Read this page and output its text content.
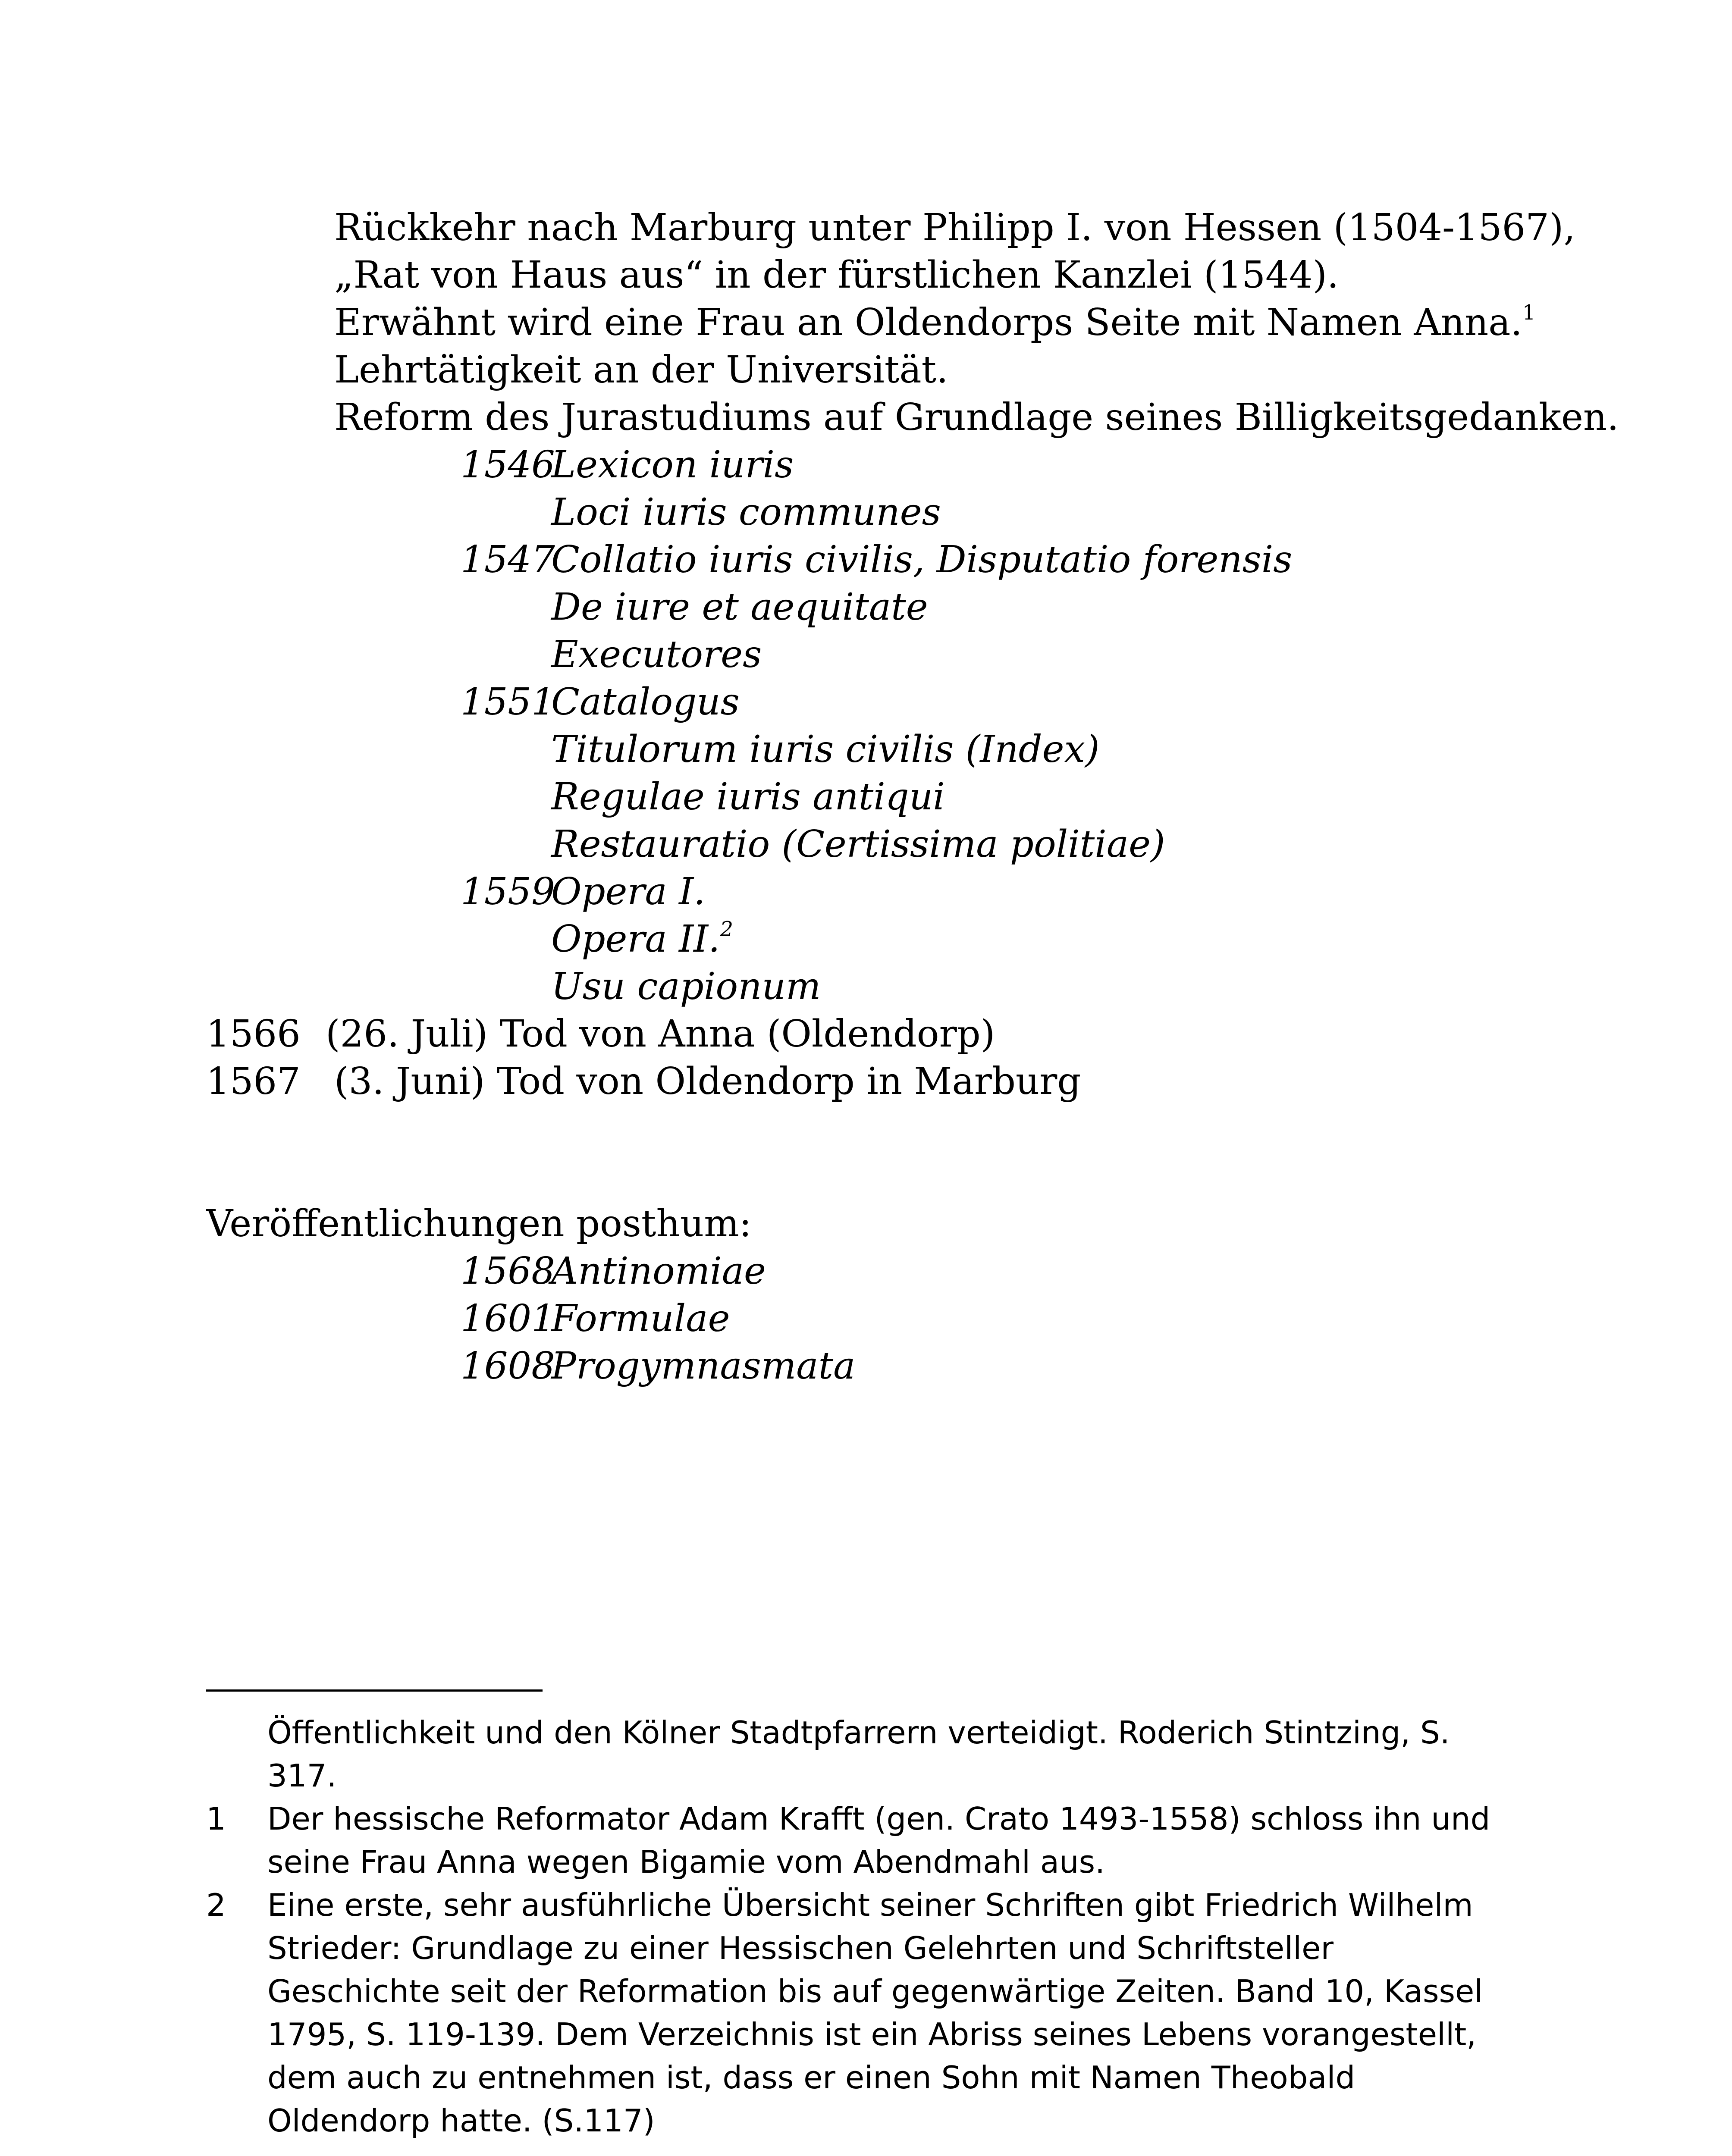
Rückkehr nach Marburg unter Philipp I. von Hessen (1504-1567),
„Rat von Haus aus“ in der fürstlichen Kanzlei (1544).
Erwähnt wird eine Frau an Oldendorps Seite mit Namen Anna.$^1$
Lehrtätigkeit an der Universität.
Reform des Jurastudiums auf Grundlage seines Billigkeitsgedanken.
1546
Lexicon iuris
Loci iuris communes
1547
Collatio iuris civilis, Disputatio forensis
De iure et aequitate
Executores
1551
Catalogus
Titulorum iuris civilis (Index)
Regulae iuris antiqui
Restauratio (Certissima politiae)
1559
Opera I.
Opera II.$^2$
Usu capionum
1566 (26. Juli) Tod von Anna (Oldendorp)
1567 (3. Juni) Tod von Oldendorp in Marburg
Veröffentlichungen posthum:
1568
Antinomiae
1601
Formulae
1608
Progymnasmata
Öffentlichkeit und den Kölner Stadtpfarrern verteidigt. Roderich Stintzing, S.
317.
1 Der hessische Reformator Adam Krafft (gen. Crato 1493-1558) schloss ihn und
seine Frau Anna wegen Bigamie vom Abendmahl aus.
2 Eine erste, sehr ausführliche Übersicht seiner Schriften gibt Friedrich Wilhelm
Strieder: Grundlage zu einer Hessischen Gelehrten und Schriftsteller
Geschichte seit der Reformation bis auf gegenwärtige Zeiten. Band 10, Kassel
1795, S. 119-139. Dem Verzeichnis ist ein Abriss seines Lebens vorangestellt,
dem auch zu entnehmen ist, dass er einen Sohn mit Namen Theobald
Oldendorp hatte. (S.117)
